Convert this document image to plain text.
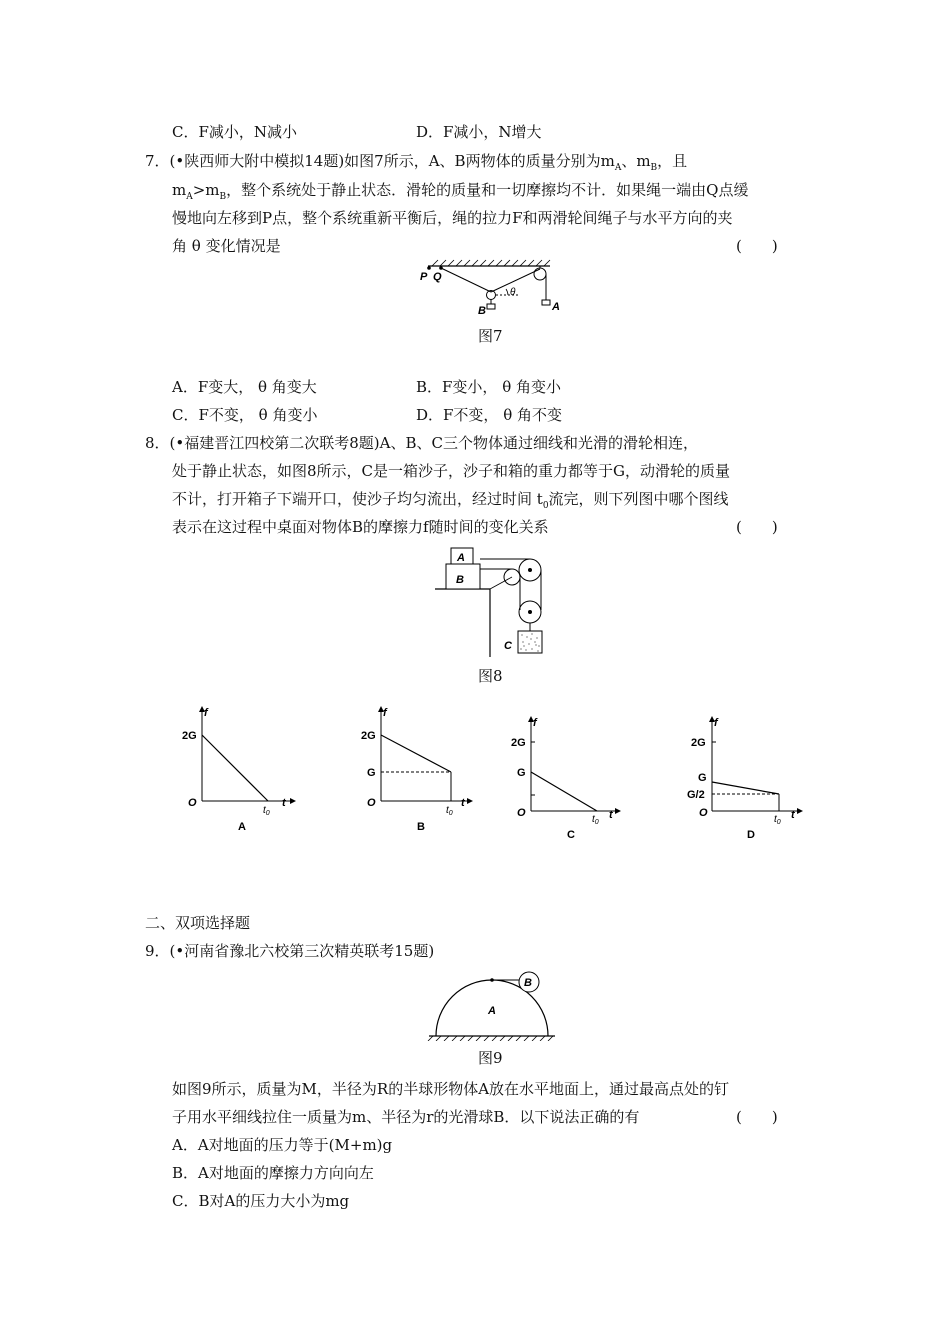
C．F减小，N减小	D．F减小，N增大
7．(•陕西师大附中模拟14题)如图7所示，A、B两物体的质量分别为$m_A$、$m_B$，且
$m_A>m_B$，整个系统处于静止状态．滑轮的质量和一切摩擦均不计．如果绳一端由Q点缓
慢地向左移到P点，整个系统重新平衡后，绳的拉力F和两滑轮间绳子与水平方向的夹
角 θ 变化情况是	(　　)
P Q
B	A
θ
图7
A．F变大， θ 角变大	B．F变小， θ 角变小
C．F不变， θ 角变小	D．F不变， θ 角不变
8．(•福建晋江四校第二次联考8题)A、B、C三个物体通过细线和光滑的滑轮相连，
处于静止状态，如图8所示，C是一箱沙子，沙子和箱的重力都等于G，动滑轮的质量
不计，打开箱子下端开口，使沙子均匀流出，经过时间 $t_0$流完，则下列图中哪个图线
表示在这过程中桌面对物体B的摩擦力f随时间的变化关系	(　　)
A
B
C
图8
f
t
O
2G
$t_0$
A
f
t
O
2G
G
$t_0$
B
f
t
O
2G
G
$t_0$
C
f
t
O
2G
G
G/2
$t_0$
D
二、双项选择题
9．(•河南省豫北六校第三次精英联考15题)
B
A
图9
如图9所示，质量为M，半径为R的半球形物体A放在水平地面上，通过最高点处的钉
子用水平细线拉住一质量为m、半径为r的光滑球B．以下说法正确的有	(　　)
A．A对地面的压力等于(M+m)g
B．A对地面的摩擦力方向向左
C．B对A的压力大小为mg
